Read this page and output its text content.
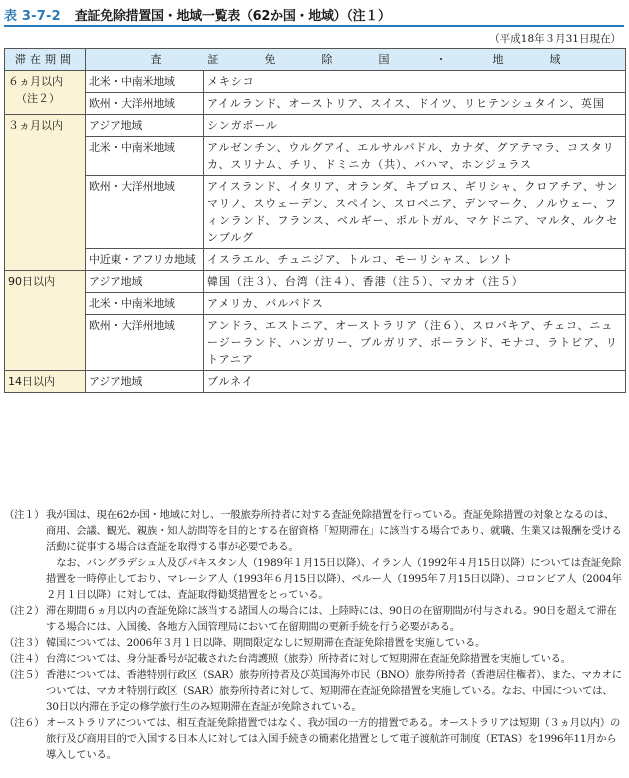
表 3-7-2 査証免除措置国・地域一覧表（62か国・地域）（注１）
（平成18年３月31日現在）
滞在期間	査 証 免 除 国 ・ 地 域	
６ヵ月以内
（注２）	北米・中南米地域	メキシコ
	欧州・大洋州地域	アイルランド、オーストリア、スイス、ドイツ、リヒテンシュタイン、英国
３ヵ月以内	アジア地域	シンガポール
	北米・中南米地域	アルゼンチン、ウルグアイ、エルサルバドル、カナダ、グアテマラ、コスタリカ、スリナム、チリ、ドミニカ（共）、バハマ、ホンジュラス
	欧州・大洋州地域	アイスランド、イタリア、オランダ、キプロス、ギリシャ、クロアチア、サンマリノ、スウェーデン、スペイン、スロベニア、デンマーク、ノルウェー、フィンランド、フランス、ベルギー、ポルトガル、マケドニア、マルタ、ルクセンブルグ
	中近東・アフリカ地域	イスラエル、チュニジア、トルコ、モーリシャス、レソト
90日以内	アジア地域	韓国（注３）、台湾（注４）、香港（注５）、マカオ（注５）
	北米・中南米地域	アメリカ、バルバドス
	欧州・大洋州地域	アンドラ、エストニア、オーストラリア（注６）、スロバキア、チェコ、ニュージーランド、ハンガリー、ブルガリア、ポーランド、モナコ、ラトビア、リトアニア
14日以内	アジア地域	ブルネイ
（注１） 我が国は、現在62か国・地域に対し、一般旅券所持者に対する査証免除措置を行っている。査証免除措置の対象となるのは、商用、会議、観光、親族・知人訪問等を目的とする在留資格「短期滞在」に該当する場合であり、就職、生業又は報酬を受ける活動に従事する場合は査証を取得する事が必要である。

なお、バングラデシュ人及びパキスタン人（1989年１月15日以降）、イラン人（1992年４月15日以降）については査証免除措置を一時停止しており、マレーシア人（1993年６月15日以降）、ペルー人（1995年７月15日以降）、コロンビア人（2004年２月１日以降）に対しては、査証取得勧奨措置をとっている。

（注２） 滞在期間６ヵ月以内の査証免除に該当する諸国人の場合には、上陸時には、90日の在留期間が付与される。90日を超えて滞在する場合には、入国後、各地方入国管理局において在留期間の更新手続を行う必要がある。

（注３） 韓国については、2006年３月１日以降、期間限定なしに短期滞在査証免除措置を実施している。

（注４） 台湾については、身分証番号が記載された台湾護照（旅券）所持者に対して短期滞在査証免除措置を実施している。

（注５） 香港については、香港特別行政区（SAR）旅券所持者及び英国海外市民（BNO）旅券所持者（香港居住権者）、また、マカオについては、マカオ特別行政区（SAR）旅券所持者に対して、短期滞在査証免除措置を実施している。なお、中国については、30日以内滞在予定の修学旅行生のみ短期滞在査証が免除されている。

（注６） オーストラリアについては、相互査証免除措置ではなく、我が国の一方的措置である。オーストラリアは短期（３ヵ月以内）の旅行及び商用目的で入国する日本人に対しては入国手続きの簡素化措置として電子渡航許可制度（ETAS）を1996年11月から導入している。
